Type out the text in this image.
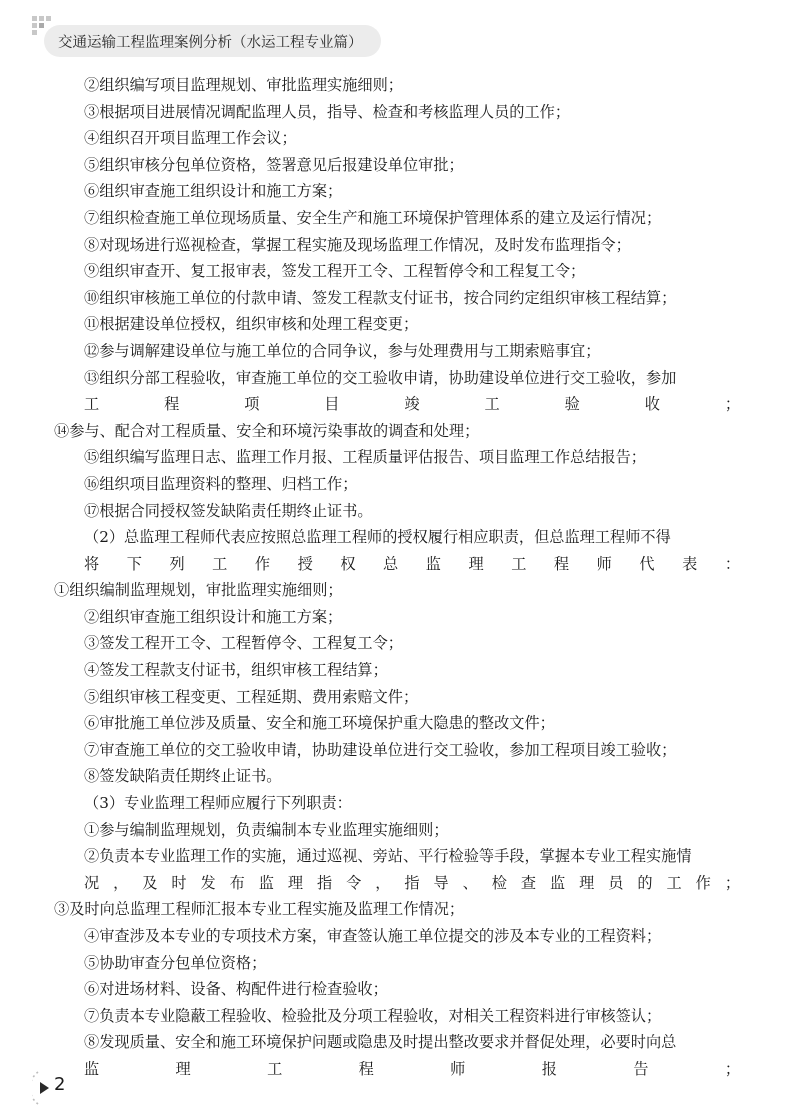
交通运输工程监理案例分析（水运工程专业篇）
②组织编写项目监理规划、审批监理实施细则；
③根据项目进展情况调配监理人员，指导、检查和考核监理人员的工作；
④组织召开项目监理工作会议；
⑤组织审核分包单位资格，签署意见后报建设单位审批；
⑥组织审查施工组织设计和施工方案；
⑦组织检查施工单位现场质量、安全生产和施工环境保护管理体系的建立及运行情况；
⑧对现场进行巡视检查，掌握工程实施及现场监理工作情况，及时发布监理指令；
⑨组织审查开、复工报审表，签发工程开工令、工程暂停令和工程复工令；
⑩组织审核施工单位的付款申请、签发工程款支付证书，按合同约定组织审核工程结算；
⑪根据建设单位授权，组织审核和处理工程变更；
⑫参与调解建设单位与施工单位的合同争议，参与处理费用与工期索赔事宜；
⑬组织分部工程验收，审查施工单位的交工验收申请，协助建设单位进行交工验收，参加
工程项目竣工验收；
⑭参与、配合对工程质量、安全和环境污染事故的调查和处理；
⑮组织编写监理日志、监理工作月报、工程质量评估报告、项目监理工作总结报告；
⑯组织项目监理资料的整理、归档工作；
⑰根据合同授权签发缺陷责任期终止证书。
（2）总监理工程师代表应按照总监理工程师的授权履行相应职责，但总监理工程师不得
将下列工作授权总监理工程师代表：
①组织编制监理规划，审批监理实施细则；
②组织审查施工组织设计和施工方案；
③签发工程开工令、工程暂停令、工程复工令；
④签发工程款支付证书，组织审核工程结算；
⑤组织审核工程变更、工程延期、费用索赔文件；
⑥审批施工单位涉及质量、安全和施工环境保护重大隐患的整改文件；
⑦审查施工单位的交工验收申请，协助建设单位进行交工验收，参加工程项目竣工验收；
⑧签发缺陷责任期终止证书。
（3）专业监理工程师应履行下列职责：
①参与编制监理规划，负责编制本专业监理实施细则；
②负责本专业监理工作的实施，通过巡视、旁站、平行检验等手段，掌握本专业工程实施情
况，及时发布监理指令，指导、检查监理员的工作；
③及时向总监理工程师汇报本专业工程实施及监理工作情况；
④审查涉及本专业的专项技术方案，审查签认施工单位提交的涉及本专业的工程资料；
⑤协助审查分包单位资格；
⑥对进场材料、设备、构配件进行检查验收；
⑦负责本专业隐蔽工程验收、检验批及分项工程验收，对相关工程资料进行审核签认；
⑧发现质量、安全和施工环境保护问题或隐患及时提出整改要求并督促处理，必要时向总
监理工程师报告；
2
